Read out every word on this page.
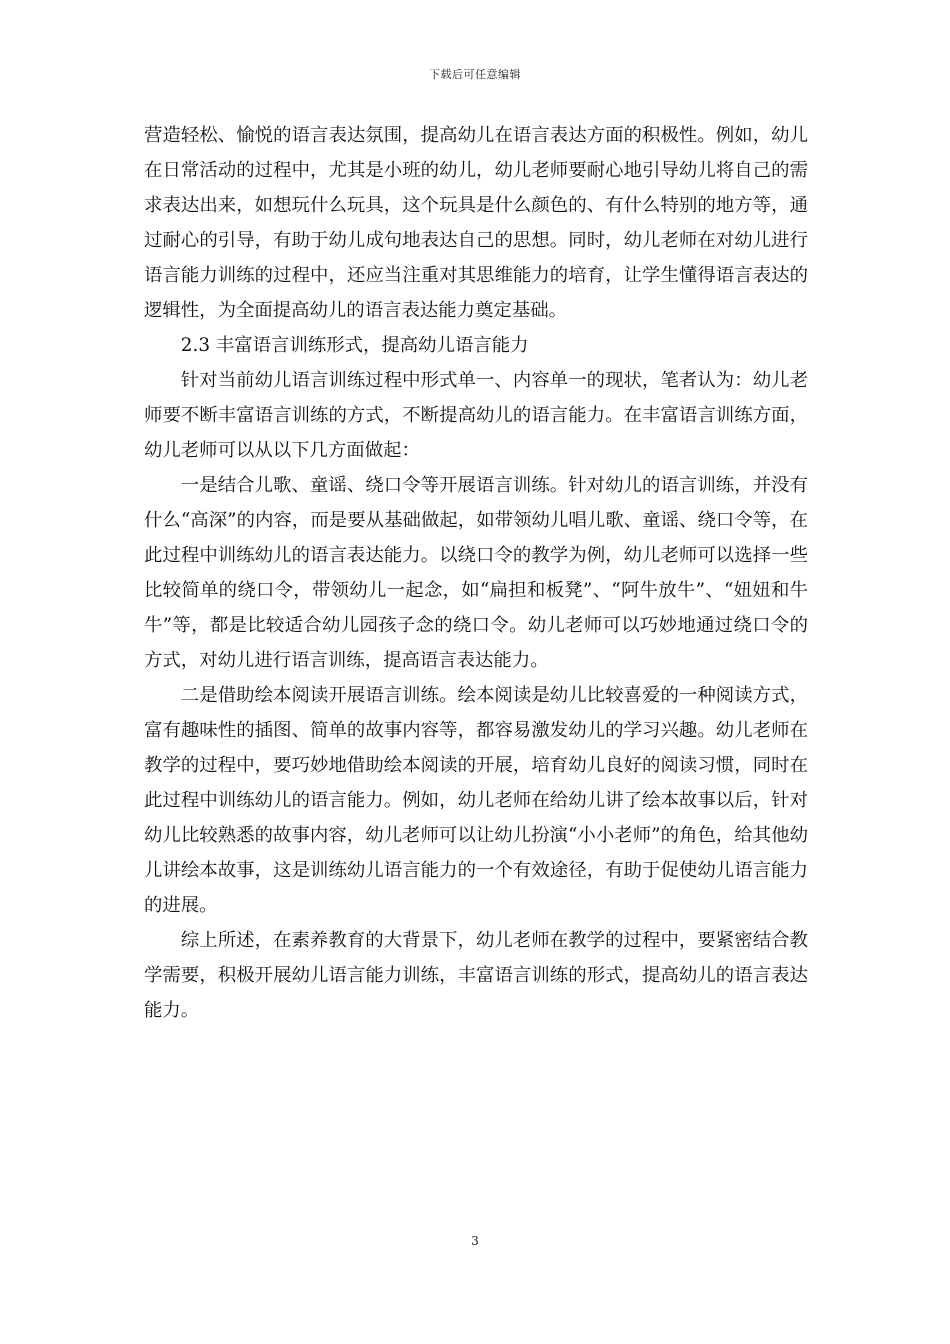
下载后可任意编辑

营造轻松、愉悦的语言表达氛围，提高幼儿在语言表达方面的积极性。例如，幼儿在日常活动的过程中，尤其是小班的幼儿，幼儿老师要耐心地引导幼儿将自己的需求表达出来，如想玩什么玩具，这个玩具是什么颜色的、有什么特别的地方等，通过耐心的引导，有助于幼儿成句地表达自己的思想。同时，幼儿老师在对幼儿进行语言能力训练的过程中，还应当注重对其思维能力的培育，让学生懂得语言表达的逻辑性，为全面提高幼儿的语言表达能力奠定基础。

2.3 丰富语言训练形式，提高幼儿语言能力

针对当前幼儿语言训练过程中形式单一、内容单一的现状，笔者认为：幼儿老师要不断丰富语言训练的方式，不断提高幼儿的语言能力。在丰富语言训练方面，幼儿老师可以从以下几方面做起：

一是结合儿歌、童谣、绕口令等开展语言训练。针对幼儿的语言训练，并没有什么“高深”的内容，而是要从基础做起，如带领幼儿唱儿歌、童谣、绕口令等，在此过程中训练幼儿的语言表达能力。以绕口令的教学为例，幼儿老师可以选择一些比较简单的绕口令，带领幼儿一起念，如“扁担和板凳”、“阿牛放牛”、“妞妞和牛牛”等，都是比较适合幼儿园孩子念的绕口令。幼儿老师可以巧妙地通过绕口令的方式，对幼儿进行语言训练，提高语言表达能力。

二是借助绘本阅读开展语言训练。绘本阅读是幼儿比较喜爱的一种阅读方式，富有趣味性的插图、简单的故事内容等，都容易激发幼儿的学习兴趣。幼儿老师在教学的过程中，要巧妙地借助绘本阅读的开展，培育幼儿良好的阅读习惯，同时在此过程中训练幼儿的语言能力。例如，幼儿老师在给幼儿讲了绘本故事以后，针对幼儿比较熟悉的故事内容，幼儿老师可以让幼儿扮演“小小老师”的角色，给其他幼儿讲绘本故事，这是训练幼儿语言能力的一个有效途径，有助于促使幼儿语言能力的进展。

综上所述，在素养教育的大背景下，幼儿老师在教学的过程中，要紧密结合教学需要，积极开展幼儿语言能力训练，丰富语言训练的形式，提高幼儿的语言表达能力。

3
